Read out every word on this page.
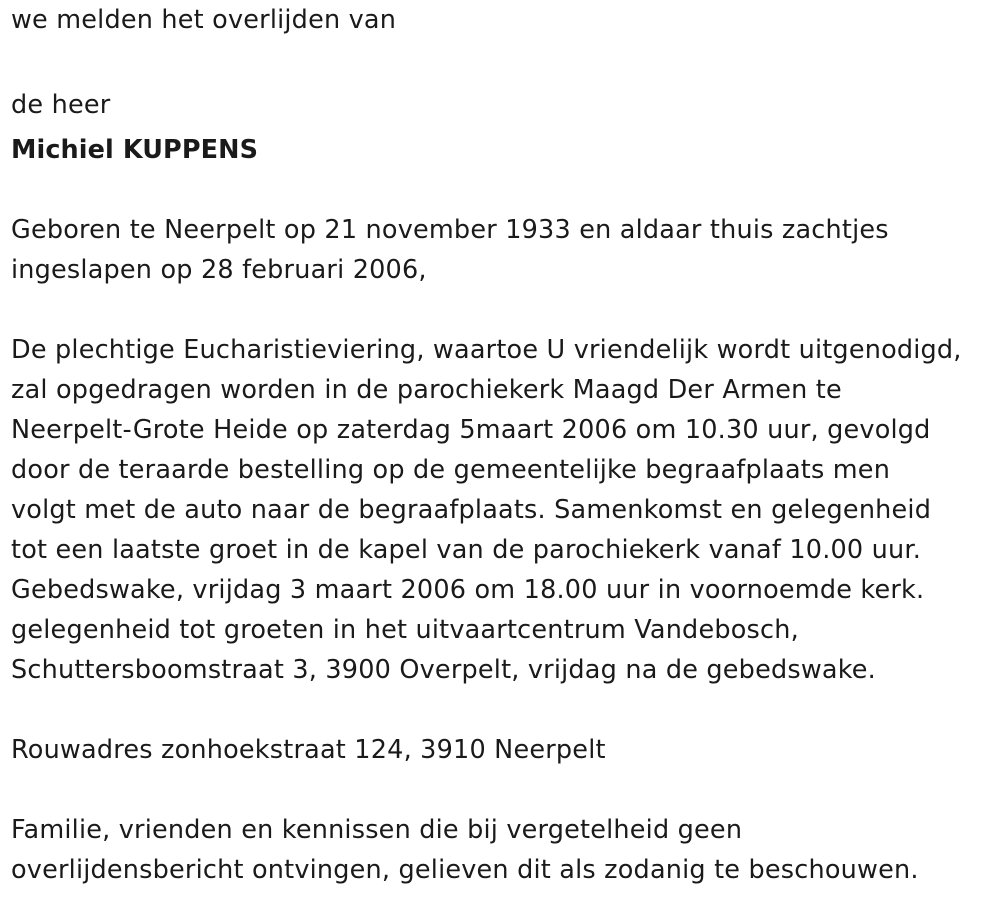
we melden het overlijden van
de heer
Michiel KUPPENS
Geboren te Neerpelt op 21 november 1933 en aldaar thuis zachtjes
ingeslapen op 28 februari 2006,
De plechtige Eucharistieviering, waartoe U vriendelijk wordt uitgenodigd,
zal opgedragen worden in de parochiekerk Maagd Der Armen te
Neerpelt-Grote Heide op zaterdag 5maart 2006 om 10.30 uur, gevolgd
door de teraarde bestelling op de gemeentelijke begraafplaats men
volgt met de auto naar de begraafplaats. Samenkomst en gelegenheid
tot een laatste groet in de kapel van de parochiekerk vanaf 10.00 uur.
Gebedswake, vrijdag 3 maart 2006 om 18.00 uur in voornoemde kerk.
gelegenheid tot groeten in het uitvaartcentrum Vandebosch,
Schuttersboomstraat 3, 3900 Overpelt, vrijdag na de gebedswake.
Rouwadres zonhoekstraat 124, 3910 Neerpelt
Familie, vrienden en kennissen die bij vergetelheid geen
overlijdensbericht ontvingen, gelieven dit als zodanig te beschouwen.
